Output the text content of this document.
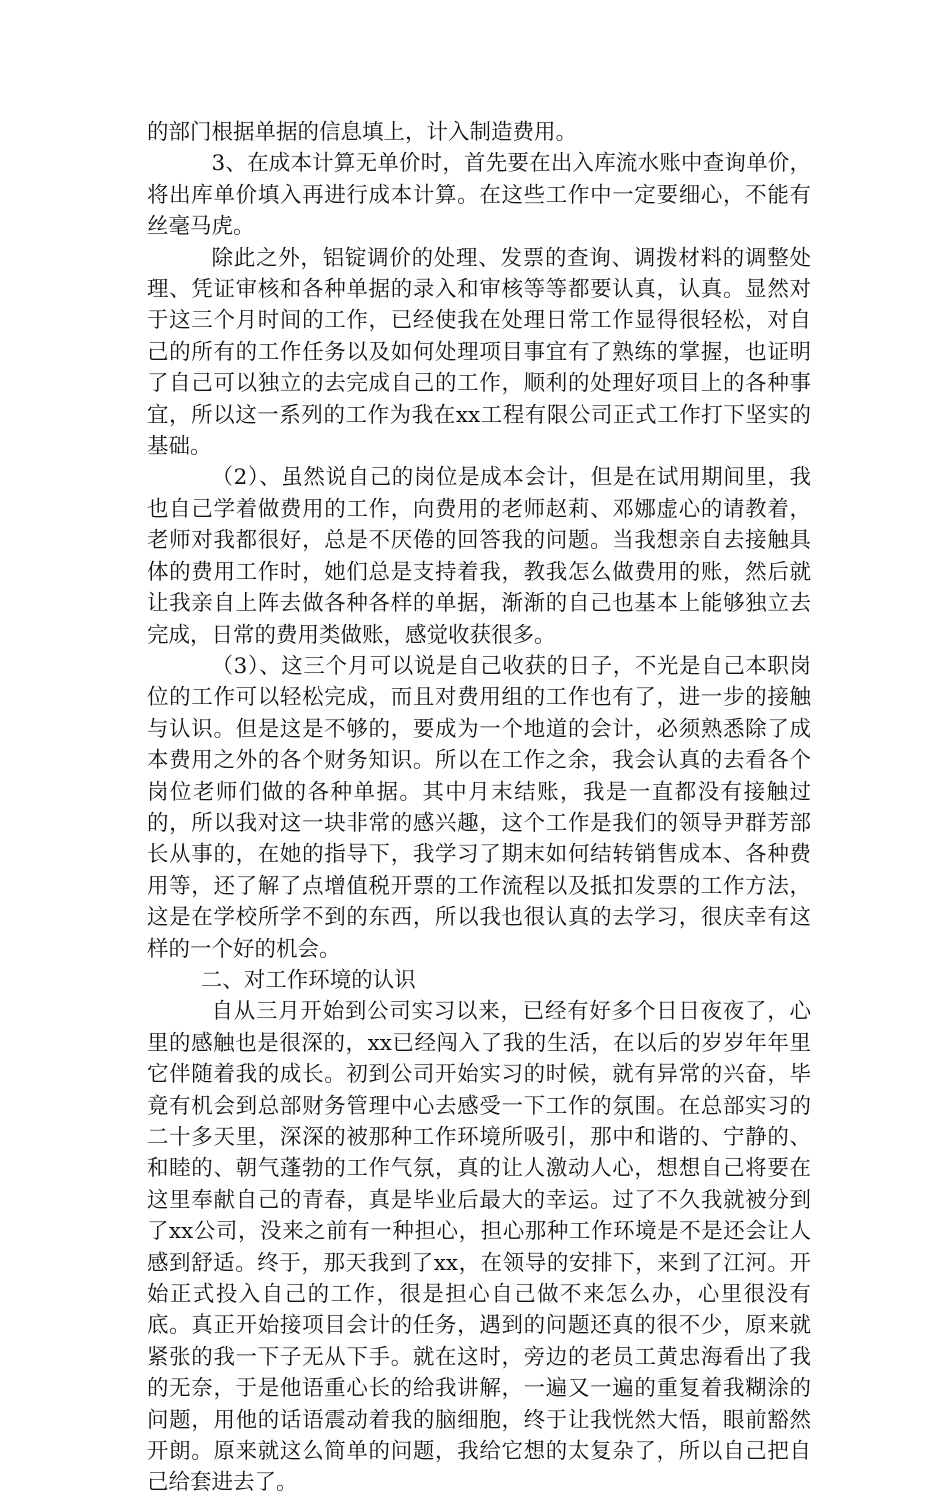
的部门根据单据的信息填上，计入制造费用。

3、在成本计算无单价时，首先要在出入库流水账中查询单价，将出库单价填入再进行成本计算。在这些工作中一定要细心，不能有丝毫马虎。

除此之外，铝锭调价的处理、发票的查询、调拨材料的调整处理、凭证审核和各种单据的录入和审核等等都要认真，认真。显然对于这三个月时间的工作，已经使我在处理日常工作显得很轻松，对自己的所有的工作任务以及如何处理项目事宜有了熟练的掌握，也证明了自己可以独立的去完成自己的工作，顺利的处理好项目上的各种事宜，所以这一系列的工作为我在xx工程有限公司正式工作打下坚实的基础。

（2）、虽然说自己的岗位是成本会计，但是在试用期间里，我也自己学着做费用的工作，向费用的老师赵莉、邓娜虚心的请教着，老师对我都很好，总是不厌倦的回答我的问题。当我想亲自去接触具体的费用工作时，她们总是支持着我，教我怎么做费用的账，然后就让我亲自上阵去做各种各样的单据，渐渐的自己也基本上能够独立去完成，日常的费用类做账，感觉收获很多。

（3）、这三个月可以说是自己收获的日子，不光是自己本职岗位的工作可以轻松完成，而且对费用组的工作也有了，进一步的接触与认识。但是这是不够的，要成为一个地道的会计，必须熟悉除了成本费用之外的各个财务知识。所以在工作之余，我会认真的去看各个岗位老师们做的各种单据。其中月末结账，我是一直都没有接触过的，所以我对这一块非常的感兴趣，这个工作是我们的领导尹群芳部长从事的，在她的指导下，我学习了期末如何结转销售成本、各种费用等，还了解了点增值税开票的工作流程以及抵扣发票的工作方法，这是在学校所学不到的东西，所以我也很认真的去学习，很庆幸有这样的一个好的机会。

二、对工作环境的认识

自从三月开始到公司实习以来，已经有好多个日日夜夜了，心里的感触也是很深的，xx已经闯入了我的生活，在以后的岁岁年年里它伴随着我的成长。初到公司开始实习的时候，就有异常的兴奋，毕竟有机会到总部财务管理中心去感受一下工作的氛围。在总部实习的二十多天里，深深的被那种工作环境所吸引，那中和谐的、宁静的、和睦的、朝气蓬勃的工作气氛，真的让人激动人心，想想自己将要在这里奉献自己的青春，真是毕业后最大的幸运。过了不久我就被分到了xx公司，没来之前有一种担心，担心那种工作环境是不是还会让人感到舒适。终于，那天我到了xx，在领导的安排下，来到了江河。开始正式投入自己的工作，很是担心自己做不来怎么办，心里很没有底。真正开始接项目会计的任务，遇到的问题还真的很不少，原来就紧张的我一下子无从下手。就在这时，旁边的老员工黄忠海看出了我的无奈，于是他语重心长的给我讲解，一遍又一遍的重复着我糊涂的问题，用他的话语震动着我的脑细胞，终于让我恍然大悟，眼前豁然开朗。原来就这么简单的问题，我给它想的太复杂了，所以自己把自己给套进去了。
